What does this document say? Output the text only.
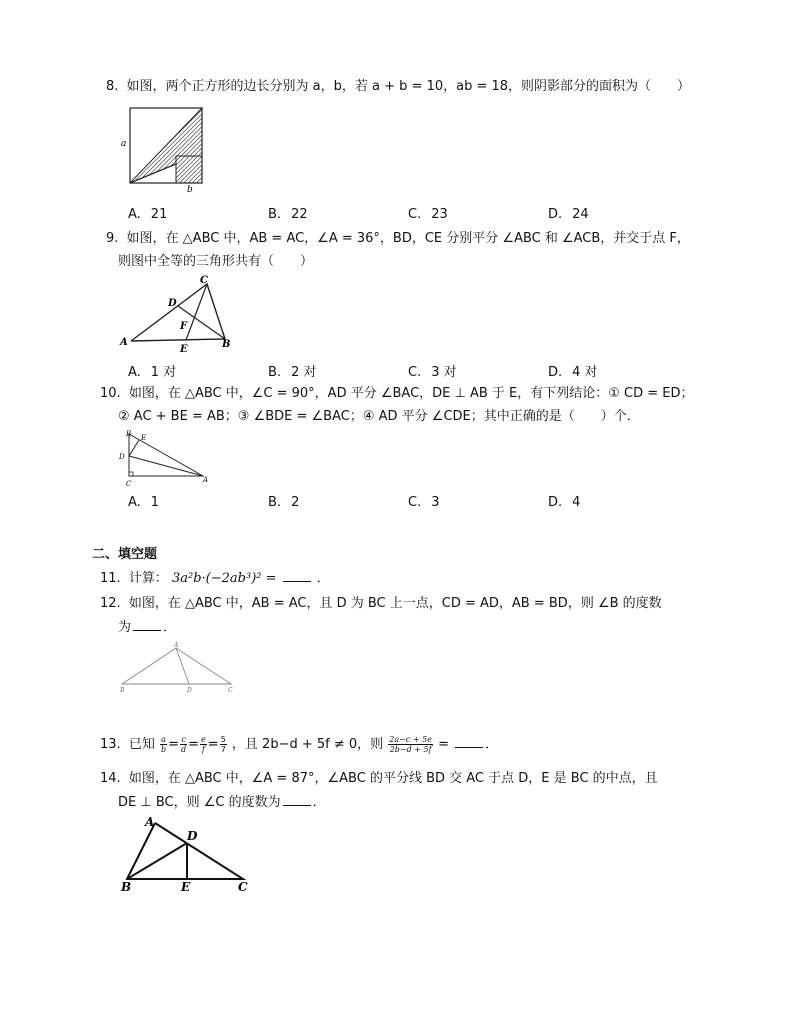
8. 如图，两个正方形的边长分别为 a，b，若 a + b = 10，ab = 18，则阴影部分的面积为（　　）
a
b
A. 21	B. 22	C. 23	D. 24
9. 如图，在 △ABC 中，AB = AC，∠A = 36°，BD，CE 分别平分 ∠ABC 和 ∠ACB，并交于点 F，
则图中全等的三角形共有（　　）
A	B
C
D
E
F
A. 1 对	B. 2 对	C. 3 对	D. 4 对
10. 如图，在 △ABC 中，∠C = 90°，AD 平分 ∠BAC，DE ⊥ AB 于 E，有下列结论：① CD = ED；
② AC + BE = AB；③ ∠BDE = ∠BAC；④ AD 平分 ∠CDE；其中正确的是（　　）个．
B E
D
C	A
A. 1	B. 2	C. 3	D. 4
二、填空题
11. 计算： 3a²b·(−2ab³)² =	．
12. 如图，在 △ABC 中，AB = AC，且 D 为 BC 上一点，CD = AD，AB = BD，则 ∠B 的度数
为 ．
A
B	D	C
13. 已知 $\frac{a}{b} = \frac{c}{d} = \frac{e}{f} = \frac{5}{7}$ ，且 2b−d + 5f ≠ 0，则 $\frac{2a-c + 5e}{2b-d + 5f}$ =	．
14. 如图，在 △ABC 中，∠A = 87°，∠ABC 的平分线 BD 交 AC 于点 D，E 是 BC 的中点，且
DE ⊥ BC，则 ∠C 的度数为 ．
A
D
B	E	C
